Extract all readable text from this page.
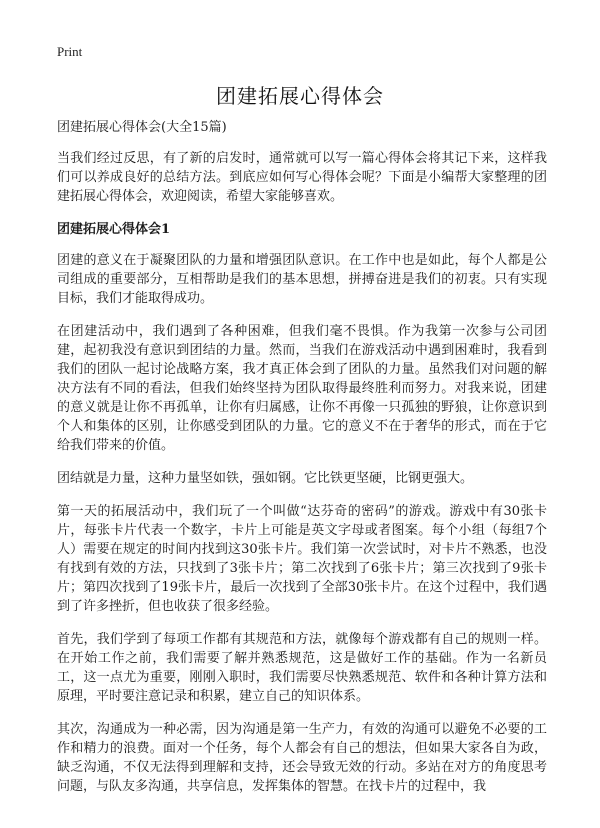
Print
团建拓展心得体会
团建拓展心得体会(大全15篇)

当我们经过反思，有了新的启发时，通常就可以写一篇心得体会将其记下来，这样我们可以养成良好的总结方法。到底应如何写心得体会呢？下面是小编帮大家整理的团建拓展心得体会，欢迎阅读，希望大家能够喜欢。

团建拓展心得体会1

团建的意义在于凝聚团队的力量和增强团队意识。在工作中也是如此，每个人都是公司组成的重要部分，互相帮助是我们的基本思想，拼搏奋进是我们的初衷。只有实现目标，我们才能取得成功。

在团建活动中，我们遇到了各种困难，但我们毫不畏惧。作为我第一次参与公司团建，起初我没有意识到团结的力量。然而，当我们在游戏活动中遇到困难时，我看到我们的团队一起讨论战略方案，我才真正体会到了团队的力量。虽然我们对问题的解决方法有不同的看法，但我们始终坚持为团队取得最终胜利而努力。对我来说，团建的意义就是让你不再孤单，让你有归属感，让你不再像一只孤独的野狼，让你意识到个人和集体的区别，让你感受到团队的力量。它的意义不在于奢华的形式，而在于它给我们带来的价值。

团结就是力量，这种力量坚如铁，强如钢。它比铁更坚硬，比钢更强大。

第一天的拓展活动中，我们玩了一个叫做“达芬奇的密码”的游戏。游戏中有30张卡片，每张卡片代表一个数字，卡片上可能是英文字母或者图案。每个小组（每组7个人）需要在规定的时间内找到这30张卡片。我们第一次尝试时，对卡片不熟悉，也没有找到有效的方法，只找到了3张卡片；第二次找到了6张卡片；第三次找到了9张卡片；第四次找到了19张卡片，最后一次找到了全部30张卡片。在这个过程中，我们遇到了许多挫折，但也收获了很多经验。

首先，我们学到了每项工作都有其规范和方法，就像每个游戏都有自己的规则一样。在开始工作之前，我们需要了解并熟悉规范，这是做好工作的基础。作为一名新员工，这一点尤为重要，刚刚入职时，我们需要尽快熟悉规范、软件和各种计算方法和原理，平时要注意记录和积累，建立自己的知识体系。

其次，沟通成为一种必需，因为沟通是第一生产力，有效的沟通可以避免不必要的工作和精力的浪费。面对一个任务，每个人都会有自己的想法，但如果大家各自为政，缺乏沟通，不仅无法得到理解和支持，还会导致无效的行动。多站在对方的角度思考问题，与队友多沟通，共享信息，发挥集体的智慧。在找卡片的过程中，我
